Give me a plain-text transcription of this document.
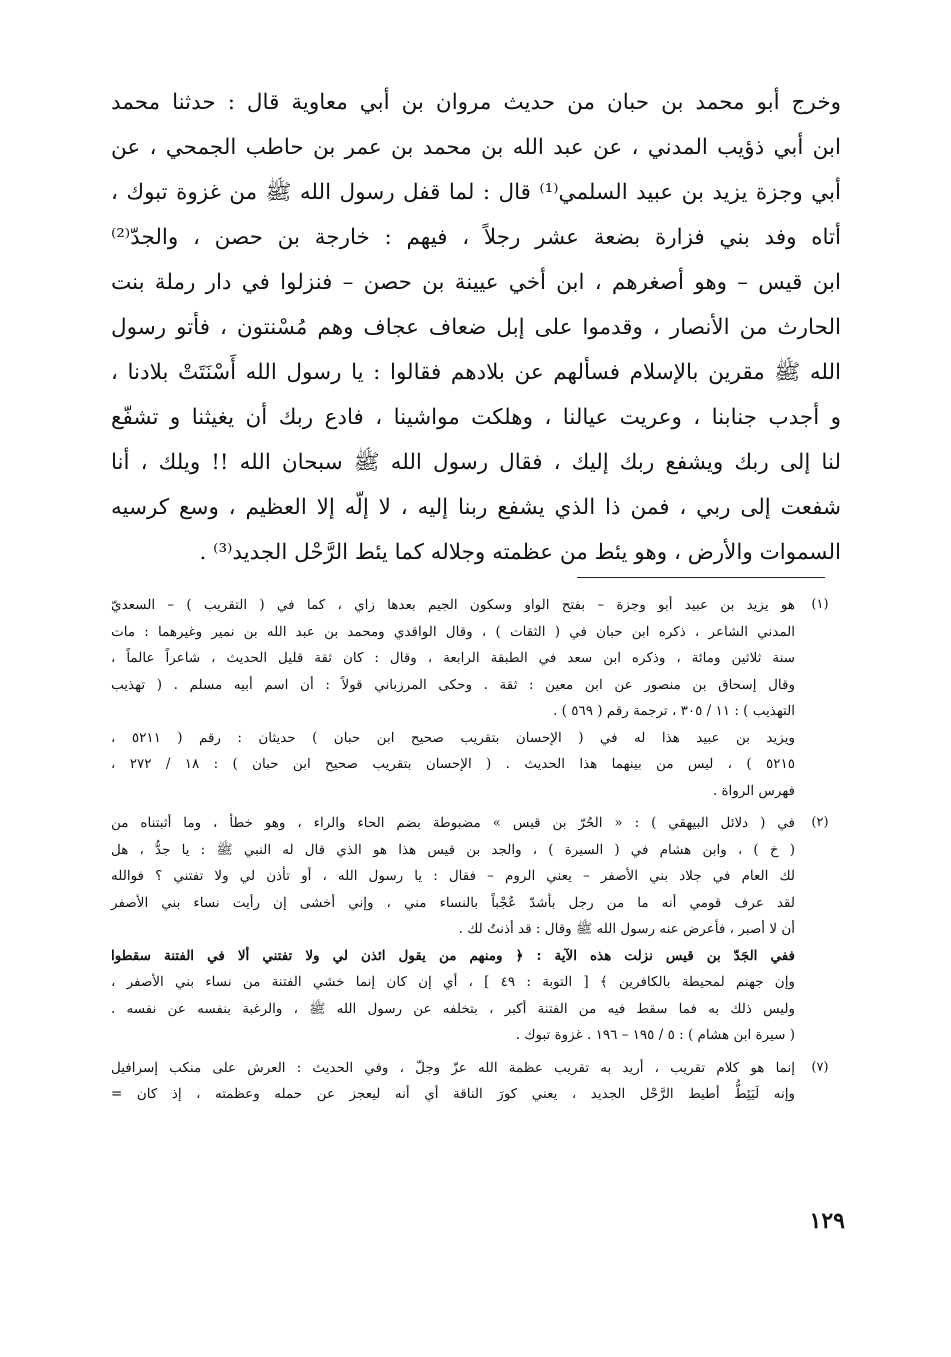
وخرج أبو محمد بن حبان من حديث مروان بن أبي معاوية قال : حدثنا محمد
ابن أبي ذؤيب المدني ، عن عبد الله بن محمد بن عمر بن حاطب الجمحي ، عن
أبي وجزة يزيد بن عبيد السلمي⁽¹⁾ قال : لما قفل رسول الله ﷺ من غزوة تبوك ،
أتاه وفد بني فزارة بضعة عشر رجلاً ، فيهم : خارجة بن حصن ، والجدّ⁽²⁾
ابن قيس – وهو أصغرهم ، ابن أخي عيينة بن حصن – فنزلوا في دار رملة بنت
الحارث من الأنصار ، وقدموا على إبل ضعاف عجاف وهم مُسْنتون ، فأتو رسول
الله ﷺ مقرين بالإسلام فسألهم عن بلادهم فقالوا : يا رسول الله أَسْنَتَتْ بلادنا ،
و أجدب جنابنا ، وعريت عيالنا ، وهلكت مواشينا ، فادع ربك أن يغيثنا و تشفّع
لنا إلى ربك ويشفع ربك إليك ، فقال رسول الله ﷺ سبحان الله !! ويلك ، أنا
شفعت إلى ربي ، فمن ذا الذي يشفع ربنا إليه ، لا إلّه إلا العظيم ، وسع كرسيه
السموات والأرض ، وهو يئط من عظمته وجلاله كما يئط الرَّحْل الجديد⁽³⁾ .
(١)
هو يزيد بن عبيد أبو وجزة – بفتح الواو وسكون الجيم بعدها زاي ، كما في ( التقريب ) – السعديّ
المدني الشاعر ، ذكره ابن حبان في ( الثقات ) ، وقال الواقدي ومحمد بن عبد الله بن نمير وغيرهما : مات
سنة ثلاثين ومائة ، وذكره ابن سعد في الطبقة الرابعة ، وقال : كان ثقة قليل الحديث ، شاعراً عالماً ،
وقال إسحاق بن منصور عن ابن معين : ثقة . وحكى المرزباني قولاً : أن اسم أبيه مسلم . ( تهذيب
التهذيب ) : ١١ / ٣٠٥ ، ترجمة رقم ( ٥٦٩ ) .
ويزيد بن عبيد هذا له في ( الإحسان بتقريب صحيح ابن حبان ) حديثان : رقم ( ٥٢١١ ،
٥٢١٥ ) ، ليس من بينهما هذا الحديث . ( الإحسان بتقريب صحيح ابن حبان ) : ١٨ / ٢٧٢ ،
فهرس الرواة .
(٢)
في ( دلائل البيهقي ) : « الحُرّ بن قيس » مضبوطة بضم الحاء والراء ، وهو خطأ ، وما أثبتناه من
( خ ) ، وابن هشام في ( السيرة ) ، والجد بن قيس هذا هو الذي قال له النبي ﷺ : يا جدُّ ، هل
لك العام في جلاد بني الأصفر – يعني الروم – فقال : يا رسول الله ، أو تأذن لي ولا تفتني ؟ فوالله
لقد عرف قومي أنه ما من رجل بأشدّ عُجْباً بالنساء مني ، وإني أخشى إن رأيت نساء بني الأصفر
أن لا أصبر ، فأعرض عنه رسول الله ﷺ وقال : قد أذنتُ لك .
ففي الجَدّ بن قيس نزلت هذه الآية : ﴿ ومنهم من يقول ائذن لي ولا تفتني ألا في الفتنة سقطوا
وإن جهنم لمحيطة بالكافرين ﴾ [ التوبة : ٤٩ ] ، أي إن كان إنما خشي الفتنة من نساء بني الأصفر ،
وليس ذلك به فما سقط فيه من الفتنة أكبر ، بتخلفه عن رسول الله ﷺ ، والرغبة بنفسه عن نفسه .
( سيرة ابن هشام ) : ٥ / ١٩٥ – ١٩٦ . غزوة تبوك .
(٧)
إنما هو كلام تقريب ، أريد به تقريب عظمة الله عزّ وجلّ ، وفي الحديث : العرش على منكب إسرافيل
وإنه لَيَئِطُّ أطيط الرَّحْل الجديد ، يعني كورَ الناقة أي أنه ليعجز عن حمله وعظمته ، إذ كان =
١٢٩
